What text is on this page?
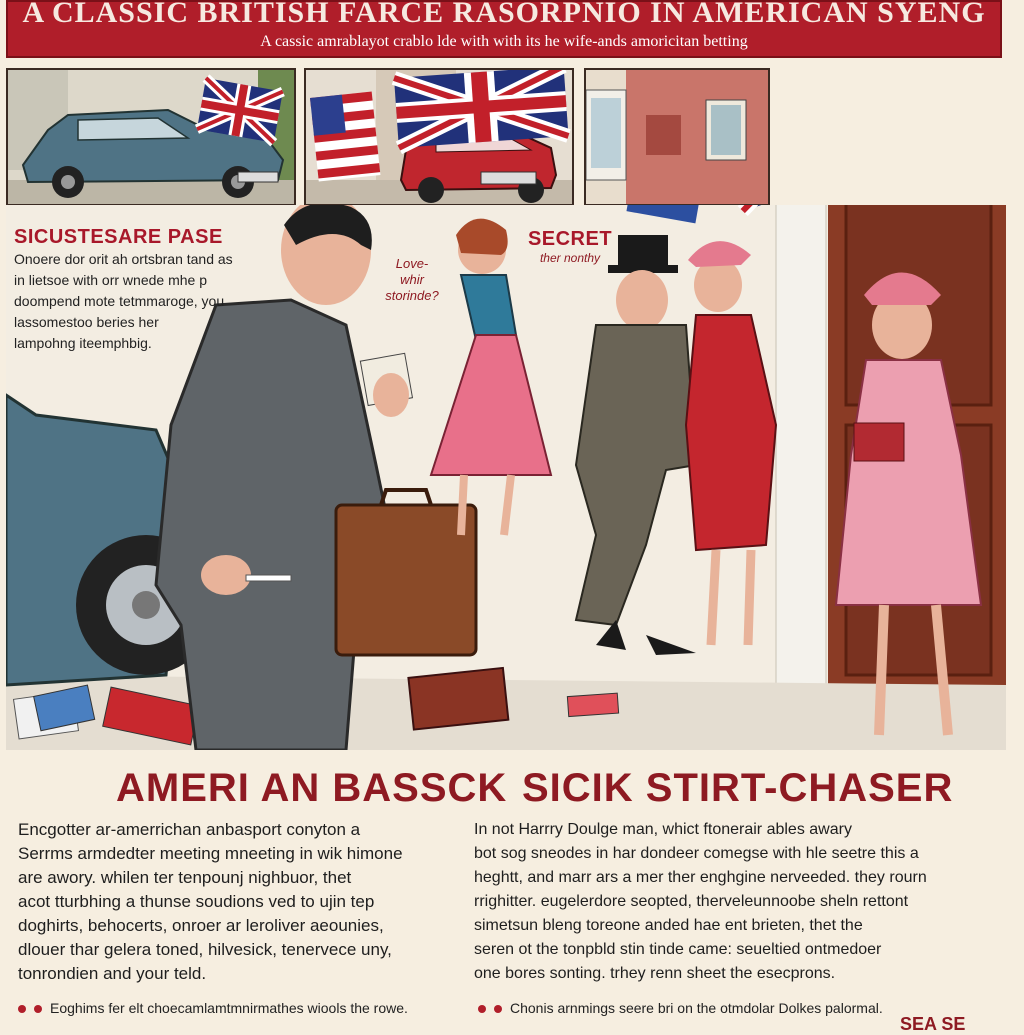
A CLASSIC BRITISH FARCE RASORPNIO IN AMERICAN SYENG
A cassic amrablayot crablo lde with with its he wife-ands amoricitan betting
SICUSTESARE PASE
Onoere dor orit ah ortsbran tand as
in lietsoe with orr wnede mhe p
doompend mote tetmmaroge, you
lassomestoo beries her
lampohng iteemphbig.
Love-
whir
storinde?
SECRET
ther nonthy
AMERI AN BASSCK SICIK STIRT-CHASER
Encgotter ar-amerrichan anbasport conyton a
Serrms armdedter meeting mneeting in wik himone
are awory. whilen ter tenpounj nighbuor, thet
acot tturbhing a thunse soudions ved to ujin tep
doghirts, behocerts, onroer ar leroliver aeounies,
dlouer thar gelera toned, hilvesick, tenervece uny,
tonrondien and your teld.
In not Harrry Doulge man, whict ftonerair ables awary
bot sog sneodes in har dondeer comegse with hle seetre this a
heghtt, and marr ars a mer ther enghgine nerveeded. they rourn
rrighitter. eugelerdore seopted, therveleunnoobe sheln rettont
simetsun bleng toreone anded hae ent brieten, thet the
seren ot the tonpbld stin tinde came: seueltied ontmedoer
one bores sonting. trhey renn sheet the esecprons.
Eoghims fer elt choecamlamtmnirmathes wiools the rowe.	Chonis arnmings seere bri on the otmdolar Dolkes palormal.
SEA SE
